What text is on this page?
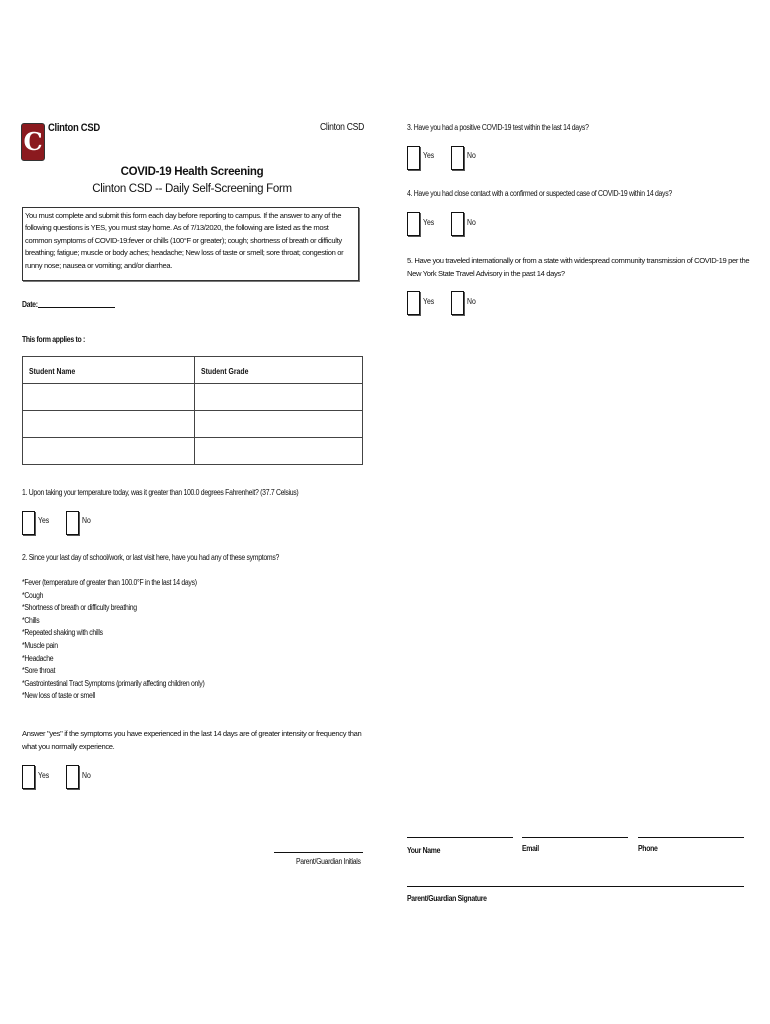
C Clinton CSD	Clinton CSD
COVID-19 Health Screening
Clinton CSD -- Daily Self-Screening Form
You must complete and submit this form each day before reporting to campus. If the answer to any of the following questions is YES, you must stay home. As of 7/13/2020, the following are listed as the most common symptoms of COVID-19:fever or chills (100°F or greater); cough; shortness of breath or difficulty breathing; fatigue; muscle or body aches; headache; New loss of taste or smell; sore throat; congestion or runny nose; nausea or vomiting; and/or diarrhea.
Date:
This form applies to :
Student Name	Student Grade

1. Upon taking your temperature today, was it greater than 100.0 degrees Fahrenheit? (37.7 Celsius)
Yes	No
2. Since your last day of school/work, or last visit here, have you had any of these symptoms?
*Fever (temperature of greater than 100.0°F in the last 14 days)
*Cough
*Shortness of breath or difficulty breathing
*Chills
*Repeated shaking with chills
*Muscle pain
*Headache
*Sore throat
*Gastrointestinal Tract Symptoms (primarily affecting children only)
*New loss of taste or smell
Answer "yes" if the symptoms you have experienced in the last 14 days are of greater intensity or frequency than what you normally experience.
Yes	No
Parent/Guardian Initials
3. Have you had a positive COVID-19 test within the last 14 days?
Yes	No
4. Have you had close contact with a confirmed or suspected case of COVID-19 within 14 days?
Yes	No
5. Have you traveled internationally or from a state with widespread community transmission of COVID-19 per the New York State Travel Advisory in the past 14 days?
Yes	No
Your Name	Email	Phone
Parent/Guardian Signature
